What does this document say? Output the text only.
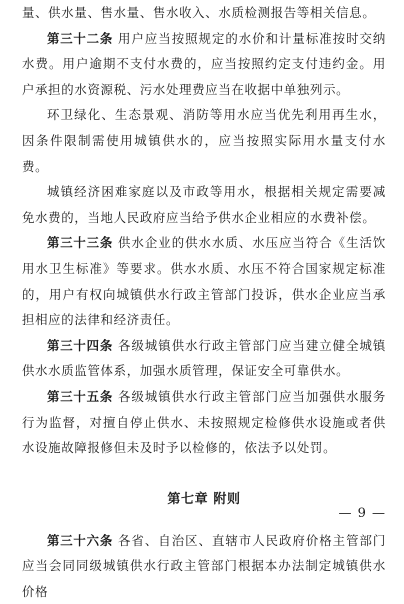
量、供水量、售水量、售水收入、水质检测报告等相关信息。

第三十二条 用户应当按照规定的水价和计量标准按时交纳水费。用户逾期不支付水费的，应当按照约定支付违约金。用户承担的水资源税、污水处理费应当在收据中单独列示。

环卫绿化、生态景观、消防等用水应当优先利用再生水，因条件限制需使用城镇供水的，应当按照实际用水量支付水费。

城镇经济困难家庭以及市政等用水，根据相关规定需要减免水费的，当地人民政府应当给予供水企业相应的水费补偿。

第三十三条 供水企业的供水水质、水压应当符合《生活饮用水卫生标准》等要求。供水水质、水压不符合国家规定标准的，用户有权向城镇供水行政主管部门投诉，供水企业应当承担相应的法律和经济责任。

第三十四条 各级城镇供水行政主管部门应当建立健全城镇供水水质监管体系，加强水质管理，保证安全可靠供水。

第三十五条 各级城镇供水行政主管部门应当加强供水服务行为监督，对擅自停止供水、未按照规定检修供水设施或者供水设施故障报修但未及时予以检修的，依法予以处罚。

第七章 附则

第三十六条 各省、自治区、直辖市人民政府价格主管部门应当会同同级城镇供水行政主管部门根据本办法制定城镇供水价格

— 9 —
